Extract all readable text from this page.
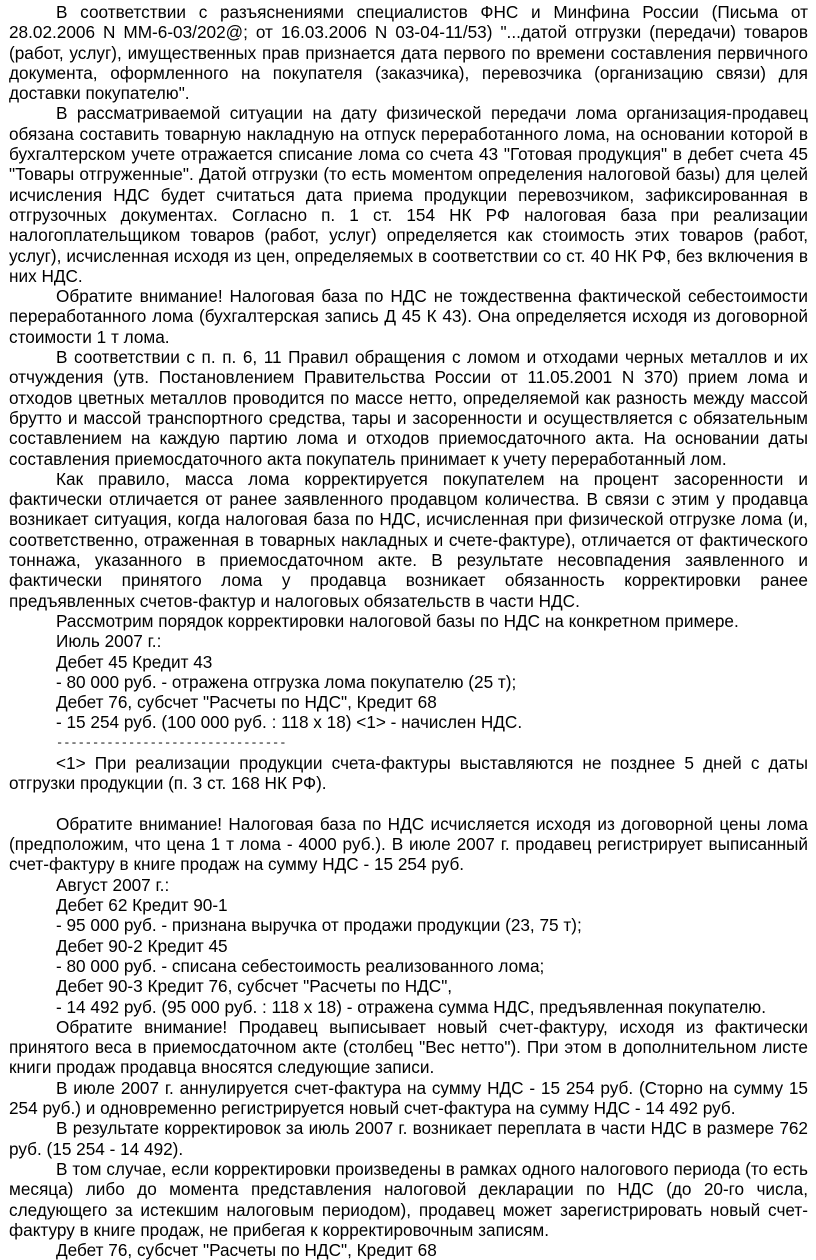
В соответствии с разъяснениями специалистов ФНС и Минфина России (Письма от 28.02.2006 N ММ-6-03/202@; от 16.03.2006 N 03-04-11/53) "...датой отгрузки (передачи) товаров (работ, услуг), имущественных прав признается дата первого по времени составления первичного документа, оформленного на покупателя (заказчика), перевозчика (организацию связи) для доставки покупателю".
В рассматриваемой ситуации на дату физической передачи лома организация-продавец обязана составить товарную накладную на отпуск переработанного лома, на основании которой в бухгалтерском учете отражается списание лома со счета 43 "Готовая продукция" в дебет счета 45 "Товары отгруженные". Датой отгрузки (то есть моментом определения налоговой базы) для целей исчисления НДС будет считаться дата приема продукции перевозчиком, зафиксированная в отгрузочных документах. Согласно п. 1 ст. 154 НК РФ налоговая база при реализации налогоплательщиком товаров (работ, услуг) определяется как стоимость этих товаров (работ, услуг), исчисленная исходя из цен, определяемых в соответствии со ст. 40 НК РФ, без включения в них НДС.
Обратите внимание! Налоговая база по НДС не тождественна фактической себестоимости переработанного лома (бухгалтерская запись Д 45 К 43). Она определяется исходя из договорной стоимости 1 т лома.
В соответствии с п. п. 6, 11 Правил обращения с ломом и отходами черных металлов и их отчуждения (утв. Постановлением Правительства России от 11.05.2001 N 370) прием лома и отходов цветных металлов проводится по массе нетто, определяемой как разность между массой брутто и массой транспортного средства, тары и засоренности и осуществляется с обязательным составлением на каждую партию лома и отходов приемосдаточного акта. На основании даты составления приемосдаточного акта покупатель принимает к учету переработанный лом.
Как правило, масса лома корректируется покупателем на процент засоренности и фактически отличается от ранее заявленного продавцом количества. В связи с этим у продавца возникает ситуация, когда налоговая база по НДС, исчисленная при физической отгрузке лома (и, соответственно, отраженная в товарных накладных и счете-фактуре), отличается от фактического тоннажа, указанного в приемосдаточном акте. В результате несовпадения заявленного и фактически принятого лома у продавца возникает обязанность корректировки ранее предъявленных счетов-фактур и налоговых обязательств в части НДС.
Рассмотрим порядок корректировки налоговой базы по НДС на конкретном примере.
Июль 2007 г.:
Дебет 45 Кредит 43
- 80 000 руб. - отражена отгрузка лома покупателю (25 т);
Дебет 76, субсчет "Расчеты по НДС", Кредит 68
- 15 254 руб. (100 000 руб. : 118 x 18) <1> - начислен НДС.
--------------------------------
<1> При реализации продукции счета-фактуры выставляются не позднее 5 дней с даты отгрузки продукции (п. 3 ст. 168 НК РФ).
Обратите внимание! Налоговая база по НДС исчисляется исходя из договорной цены лома (предположим, что цена 1 т лома - 4000 руб.). В июле 2007 г. продавец регистрирует выписанный счет-фактуру в книге продаж на сумму НДС - 15 254 руб.
Август 2007 г.:
Дебет 62 Кредит 90-1
- 95 000 руб. - признана выручка от продажи продукции (23, 75 т);
Дебет 90-2 Кредит 45
- 80 000 руб. - списана себестоимость реализованного лома;
Дебет 90-3 Кредит 76, субсчет "Расчеты по НДС",
- 14 492 руб. (95 000 руб. : 118 x 18) - отражена сумма НДС, предъявленная покупателю.
Обратите внимание! Продавец выписывает новый счет-фактуру, исходя из фактически принятого веса в приемосдаточном акте (столбец "Вес нетто"). При этом в дополнительном листе книги продаж продавца вносятся следующие записи.
В июле 2007 г. аннулируется счет-фактура на сумму НДС - 15 254 руб. (Сторно на сумму 15 254 руб.) и одновременно регистрируется новый счет-фактура на сумму НДС - 14 492 руб.
В результате корректировок за июль 2007 г. возникает переплата в части НДС в размере 762 руб. (15 254 - 14 492).
В том случае, если корректировки произведены в рамках одного налогового периода (то есть месяца) либо до момента представления налоговой декларации по НДС (до 20-го числа, следующего за истекшим налоговым периодом), продавец может зарегистрировать новый счет-фактуру в книге продаж, не прибегая к корректировочным записям.
Дебет 76, субсчет "Расчеты по НДС", Кредит 68
